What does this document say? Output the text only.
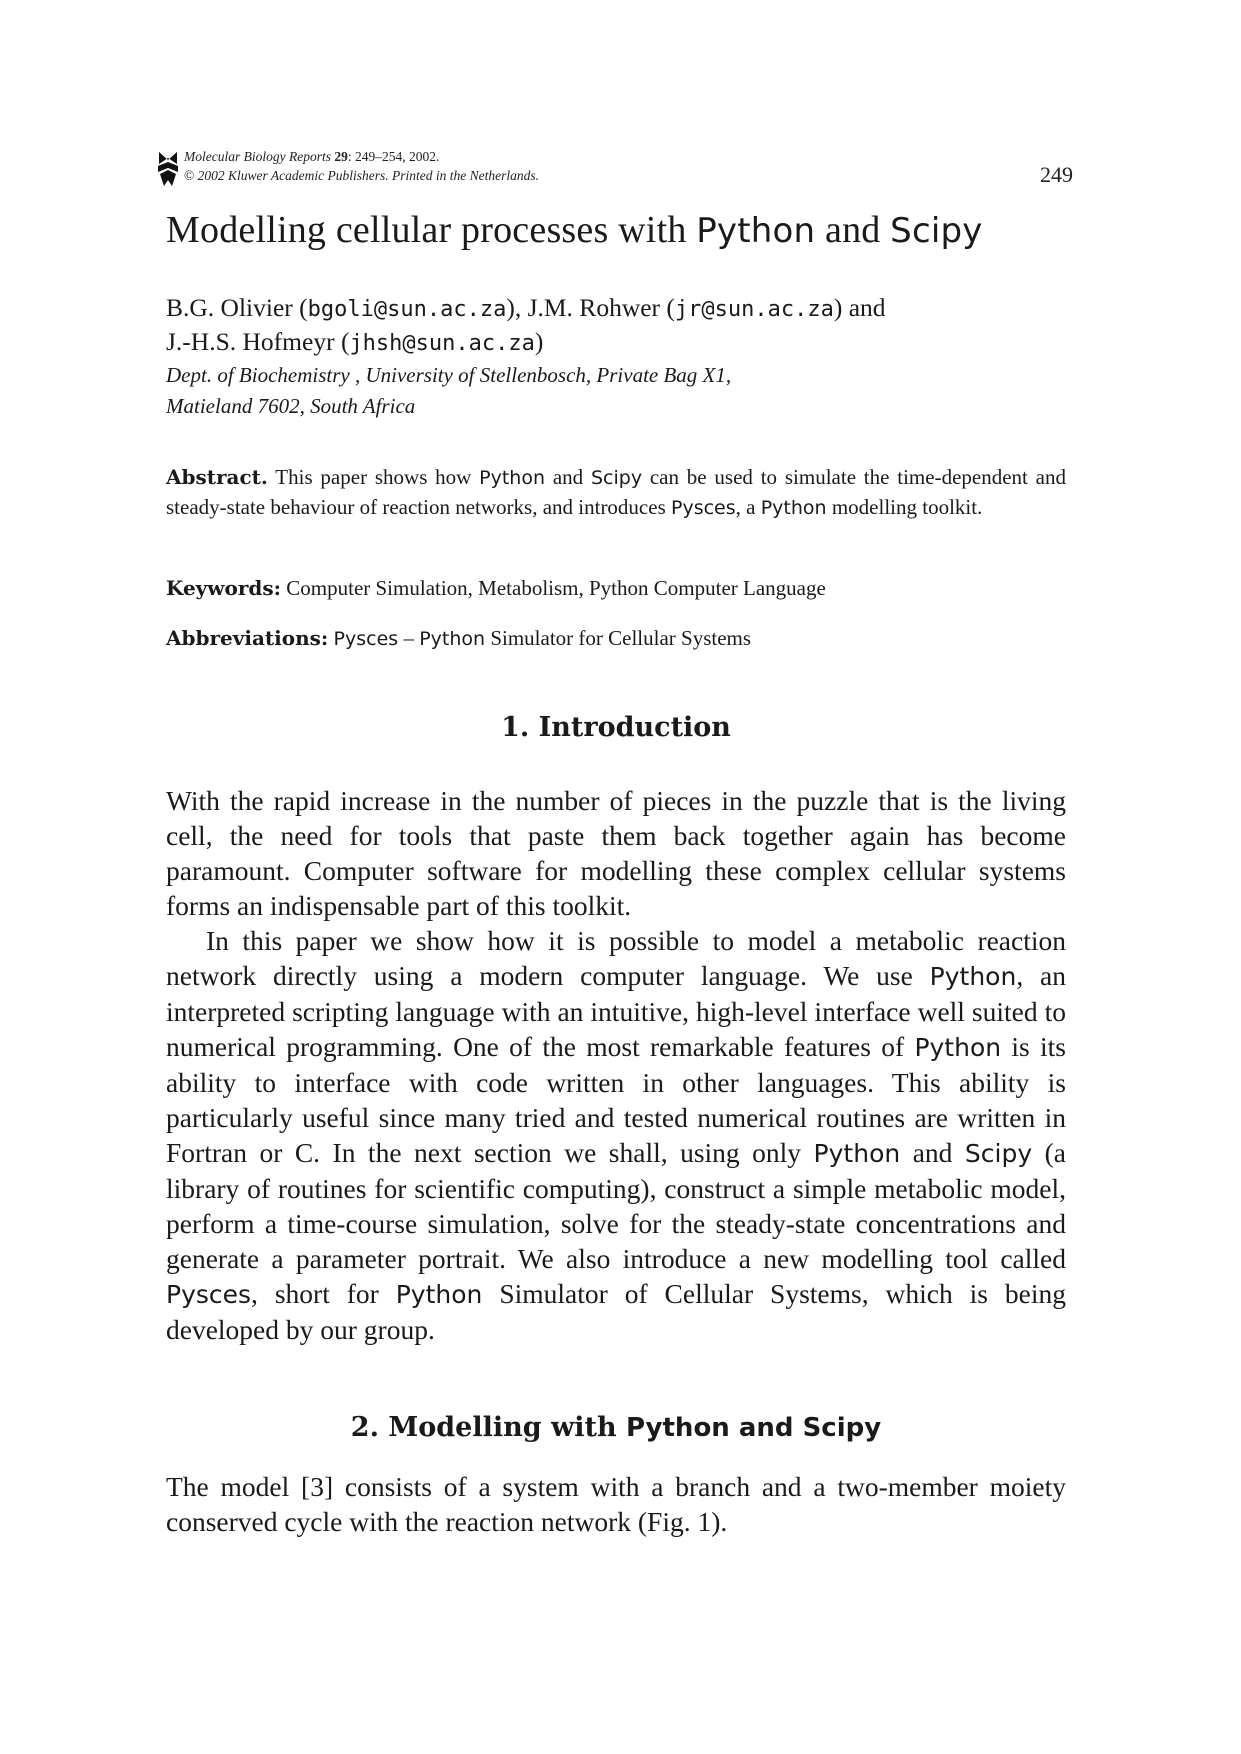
Molecular Biology Reports 29: 249–254, 2002.
© 2002 Kluwer Academic Publishers. Printed in the Netherlands.	249
Modelling cellular processes with Python and Scipy
B.G. Olivier (bgoli@sun.ac.za), J.M. Rohwer (jr@sun.ac.za) and
J.-H.S. Hofmeyr (jhsh@sun.ac.za)
Dept. of Biochemistry , University of Stellenbosch, Private Bag X1,
Matieland 7602, South Africa
Abstract. This paper shows how Python and Scipy can be used to simulate the time-dependent and steady-state behaviour of reaction networks, and introduces Pysces, a Python modelling toolkit.
Keywords: Computer Simulation, Metabolism, Python Computer Language
Abbreviations: Pysces – Python Simulator for Cellular Systems
1. Introduction

With the rapid increase in the number of pieces in the puzzle that is the living cell, the need for tools that paste them back together again has become paramount. Computer software for modelling these complex cellular systems forms an indispensable part of this toolkit.

In this paper we show how it is possible to model a metabolic reaction network directly using a modern computer language. We use Python, an interpreted scripting language with an intuitive, high-level interface well suited to numerical programming. One of the most remarkable features of Python is its ability to interface with code written in other languages. This ability is particularly useful since many tried and tested numerical routines are written in Fortran or C. In the next section we shall, using only Python and Scipy (a library of routines for scientific computing), construct a simple metabolic model, perform a time-course simulation, solve for the steady-state concentrations and generate a parameter portrait. We also introduce a new modelling tool called Pysces, short for Python Simulator of Cellular Systems, which is being developed by our group.

2. Modelling with Python and Scipy

The model [3] consists of a system with a branch and a two-member moiety conserved cycle with the reaction network (Fig. 1).
